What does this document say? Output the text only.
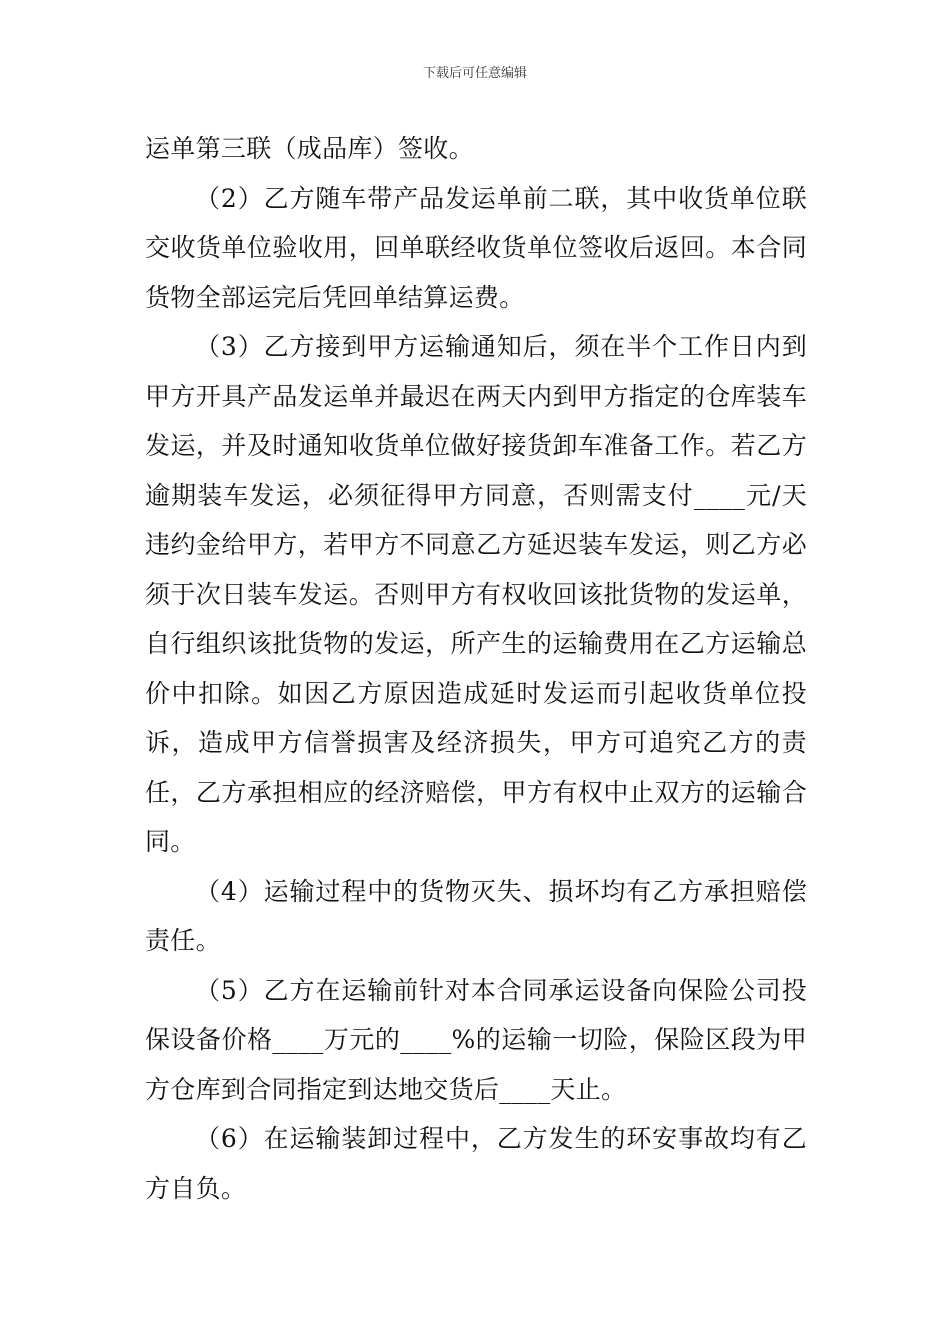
下载后可任意编辑

运单第三联（成品库）签收。

（2）乙方随车带产品发运单前二联，其中收货单位联交收货单位验收用，回单联经收货单位签收后返回。本合同货物全部运完后凭回单结算运费。

（3）乙方接到甲方运输通知后，须在半个工作日内到甲方开具产品发运单并最迟在两天内到甲方指定的仓库装车发运，并及时通知收货单位做好接货卸车准备工作。若乙方逾期装车发运，必须征得甲方同意，否则需支付____元/天违约金给甲方，若甲方不同意乙方延迟装车发运，则乙方必须于次日装车发运。否则甲方有权收回该批货物的发运单，自行组织该批货物的发运，所产生的运输费用在乙方运输总价中扣除。如因乙方原因造成延时发运而引起收货单位投诉，造成甲方信誉损害及经济损失，甲方可追究乙方的责任，乙方承担相应的经济赔偿，甲方有权中止双方的运输合同。

（4）运输过程中的货物灭失、损坏均有乙方承担赔偿责任。

（5）乙方在运输前针对本合同承运设备向保险公司投保设备价格____万元的____%的运输一切险，保险区段为甲方仓库到合同指定到达地交货后____天止。

（6）在运输装卸过程中，乙方发生的环安事故均有乙方自负。
